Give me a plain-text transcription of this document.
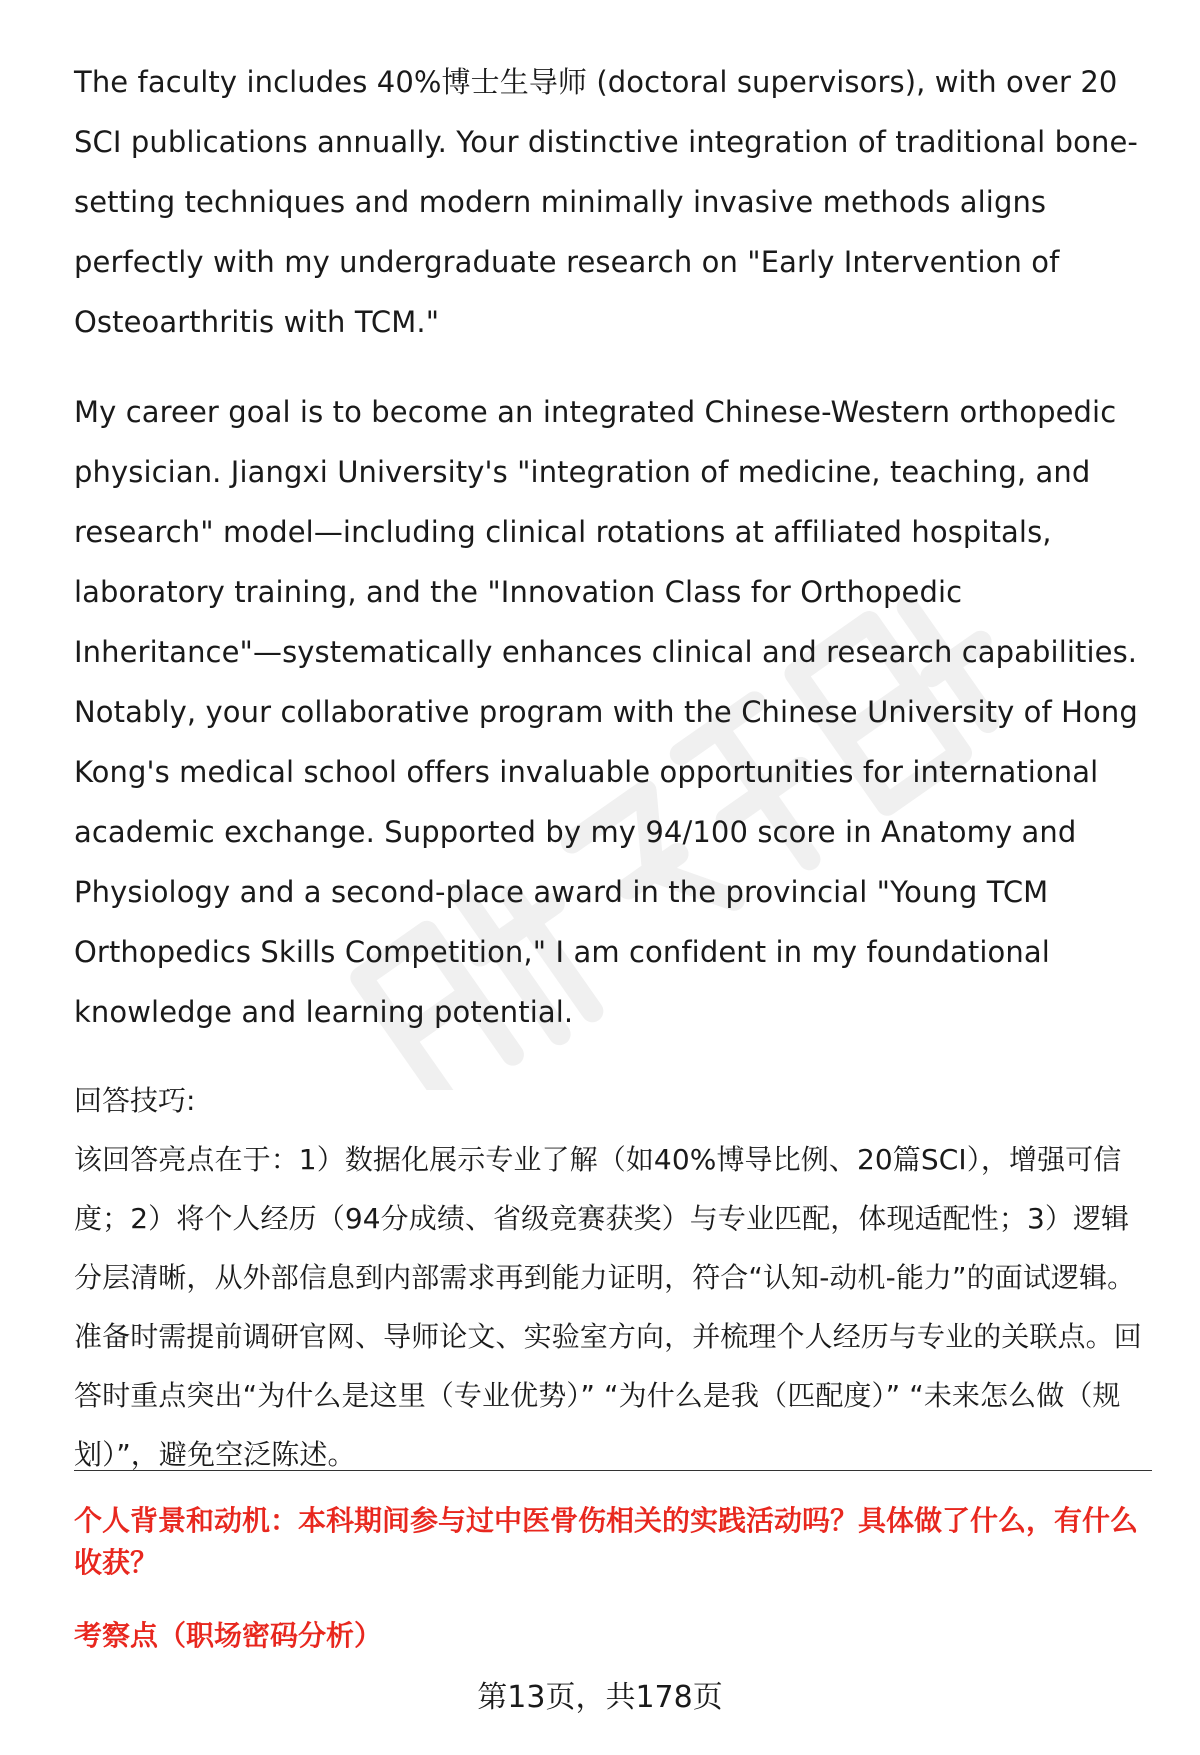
The faculty includes 40%博士生导师 (doctoral supervisors), with over 20 SCI publications annually. Your distinctive integration of traditional bone-setting techniques and modern minimally invasive methods aligns perfectly with my undergraduate research on "Early Intervention of Osteoarthritis with TCM."

My career goal is to become an integrated Chinese-Western orthopedic physician. Jiangxi University's "integration of medicine, teaching, and research" model—including clinical rotations at affiliated hospitals, laboratory training, and the "Innovation Class for Orthopedic Inheritance"—systematically enhances clinical and research capabilities. Notably, your collaborative program with the Chinese University of Hong Kong's medical school offers invaluable opportunities for international academic exchange. Supported by my 94/100 score in Anatomy and Physiology and a second-place award in the provincial "Young TCM Orthopedics Skills Competition," I am confident in my foundational knowledge and learning potential.

回答技巧:

该回答亮点在于：1）数据化展示专业了解（如40%博导比例、20篇SCI），增强可信度；2）将个人经历（94分成绩、省级竞赛获奖）与专业匹配，体现适配性；3）逻辑分层清晰，从外部信息到内部需求再到能力证明，符合“认知-动机-能力”的面试逻辑。准备时需提前调研官网、导师论文、实验室方向，并梳理个人经历与专业的关联点。回答时重点突出“为什么是这里（专业优势）” “为什么是我（匹配度）” “未来怎么做（规划）”，避免空泛陈述。

个人背景和动机：本科期间参与过中医骨伤相关的实践活动吗？具体做了什么，有什么收获？

考察点（职场密码分析）

第13页，共178页
